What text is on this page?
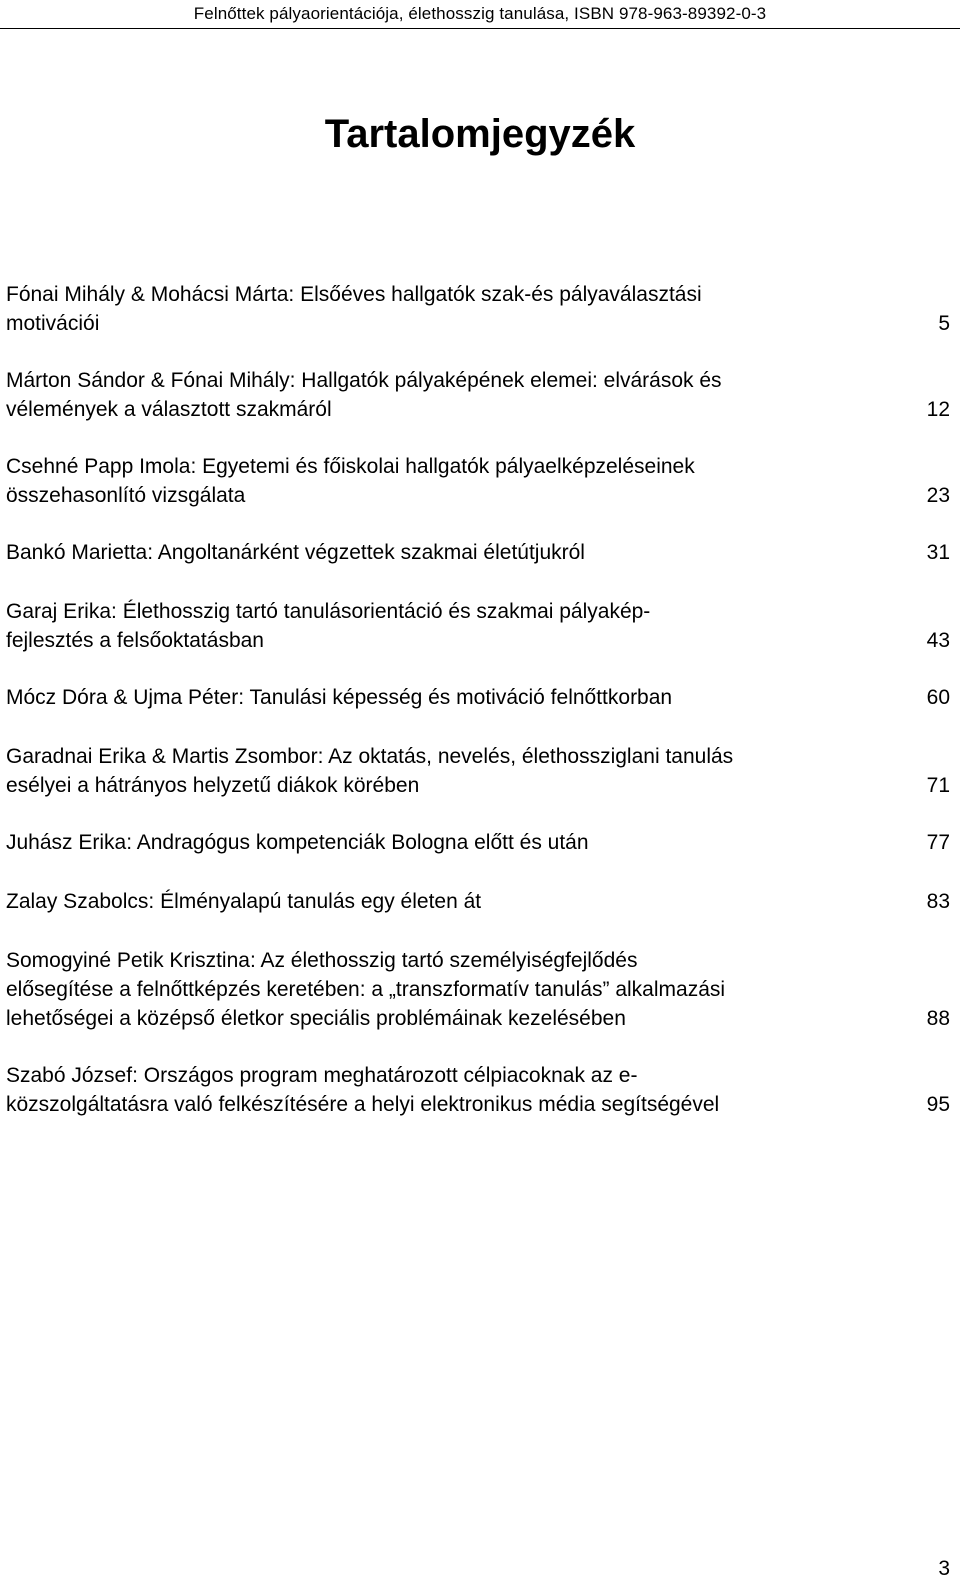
Felnőttek pályaorientációja, élethosszig tanulása, ISBN 978-963-89392-0-3
Tartalomjegyzék
Fónai Mihály & Mohácsi Márta: Elsőéves hallgatók szak-és pályaválasztási
motivációi	5
Márton Sándor & Fónai Mihály: Hallgatók pályaképének elemei: elvárások és
vélemények a választott szakmáról	12
Csehné Papp Imola: Egyetemi és főiskolai hallgatók pályaelképzeléseinek
összehasonlító vizsgálata	23
Bankó Marietta: Angoltanárként végzettek szakmai életútjukról	31
Garaj Erika: Élethosszig tartó tanulásorientáció és szakmai pályakép-
fejlesztés a felsőoktatásban	43
Mócz Dóra & Ujma Péter: Tanulási képesség és motiváció felnőttkorban	60
Garadnai Erika & Martis Zsombor: Az oktatás, nevelés, élethossziglani tanulás
esélyei a hátrányos helyzetű diákok körében	71
Juhász Erika: Andragógus kompetenciák Bologna előtt és után	77
Zalay Szabolcs: Élményalapú tanulás egy életen át	83
Somogyiné Petik Krisztina: Az élethosszig tartó személyiségfejlődés
elősegítése a felnőttképzés keretében: a „transzformatív tanulás” alkalmazási
lehetőségei a középső életkor speciális problémáinak kezelésében	88
Szabó József: Országos program meghatározott célpiacoknak az e-
közszolgáltatásra való felkészítésére a helyi elektronikus média segítségével	95
3
